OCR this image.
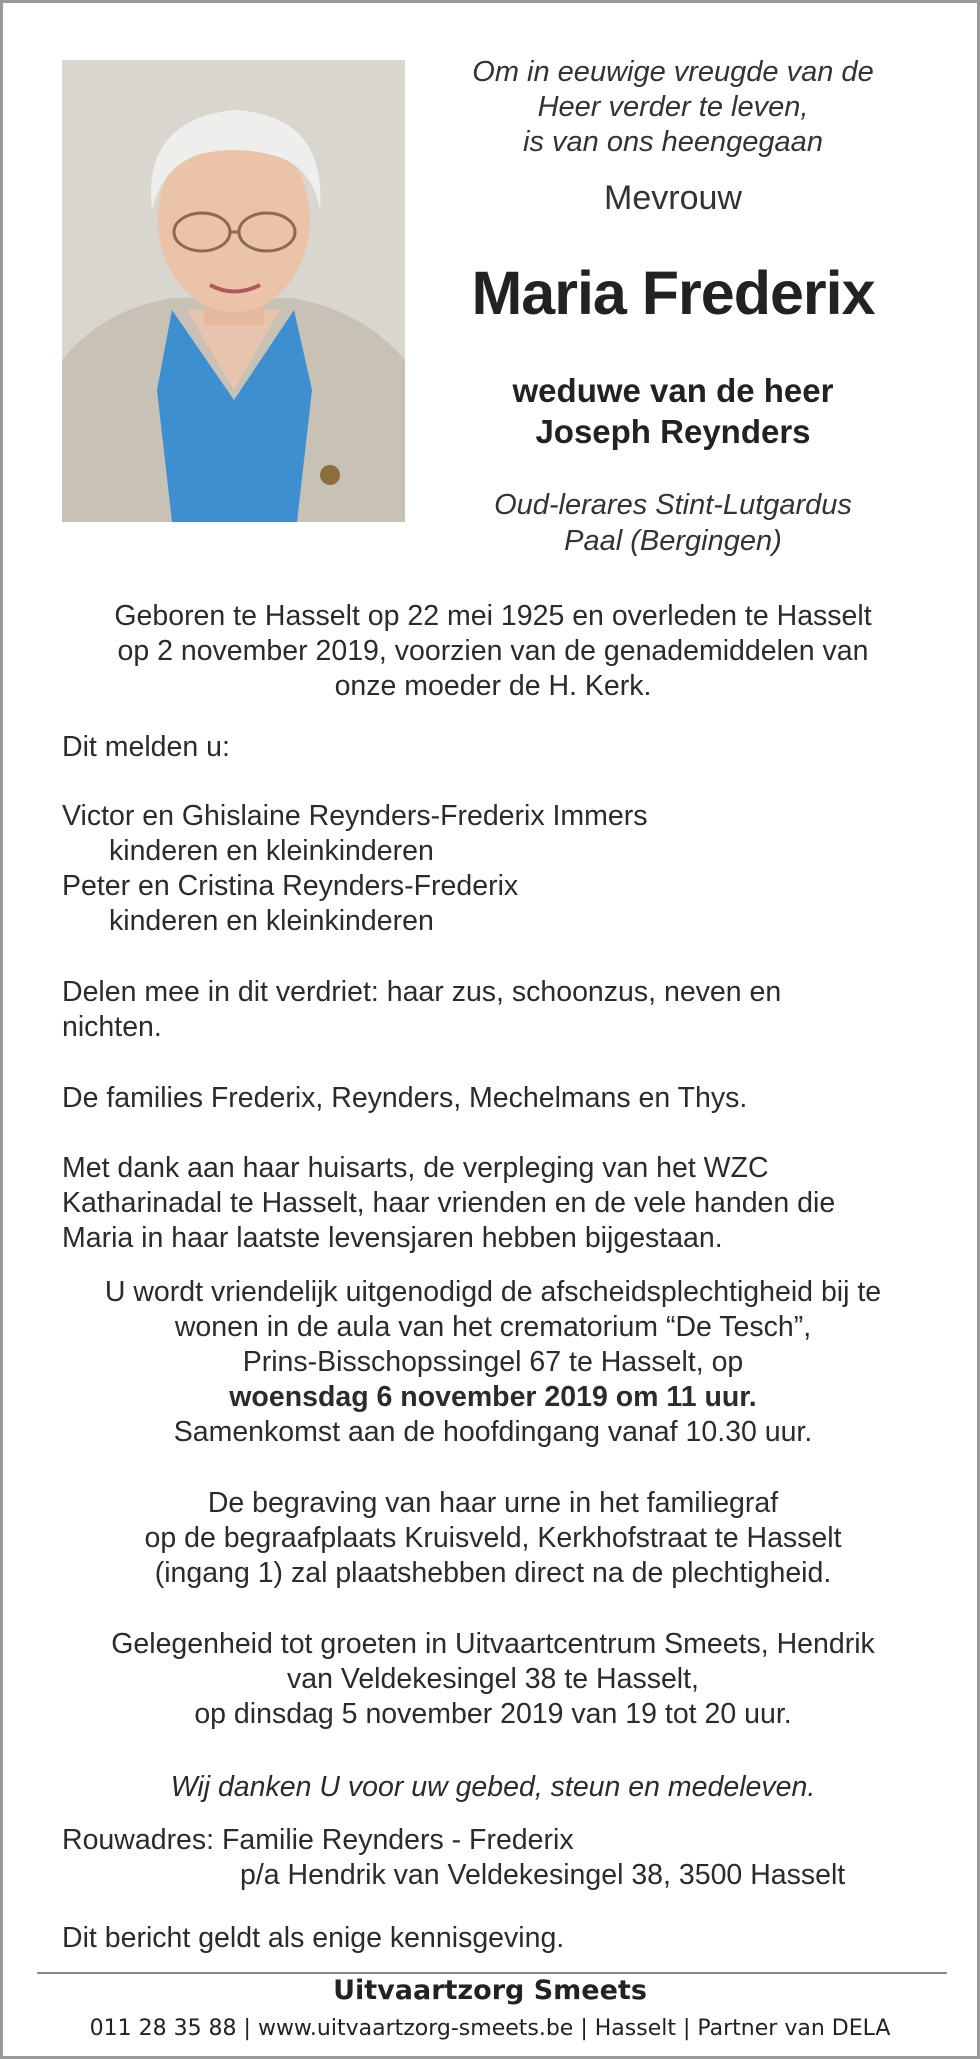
Om in eeuwige vreugde van de
Heer verder te leven,
is van ons heengegaan
Mevrouw
Maria Frederix
weduwe van de heer
Joseph Reynders
Oud-lerares Stint-Lutgardus
Paal (Bergingen)
Geboren te Hasselt op 22 mei 1925 en overleden te Hasselt
op 2 november 2019, voorzien van de genademiddelen van
onze moeder de H. Kerk.
Dit melden u:
Victor en Ghislaine Reynders-Frederix Immers
kinderen en kleinkinderen
Peter en Cristina Reynders-Frederix
kinderen en kleinkinderen
Delen mee in dit verdriet: haar zus, schoonzus, neven en
nichten.
De families Frederix, Reynders, Mechelmans en Thys.
Met dank aan haar huisarts, de verpleging van het WZC
Katharinadal te Hasselt, haar vrienden en de vele handen die
Maria in haar laatste levensjaren hebben bijgestaan.
U wordt vriendelijk uitgenodigd de afscheidsplechtigheid bij te
wonen in de aula van het crematorium “De Tesch”,
Prins-Bisschopssingel 67 te Hasselt, op
woensdag 6 november 2019 om 11 uur.
Samenkomst aan de hoofdingang vanaf 10.30 uur.
De begraving van haar urne in het familiegraf
op de begraafplaats Kruisveld, Kerkhofstraat te Hasselt
(ingang 1) zal plaatshebben direct na de plechtigheid.
Gelegenheid tot groeten in Uitvaartcentrum Smeets, Hendrik
van Veldekesingel 38 te Hasselt,
op dinsdag 5 november 2019 van 19 tot 20 uur.
Wij danken U voor uw gebed, steun en medeleven.
Rouwadres: Familie Reynders - Frederix
p/a Hendrik van Veldekesingel 38, 3500 Hasselt
Dit bericht geldt als enige kennisgeving.
Uitvaartzorg Smeets
011 28 35 88 | www.uitvaartzorg-smeets.be | Hasselt | Partner van DELA
